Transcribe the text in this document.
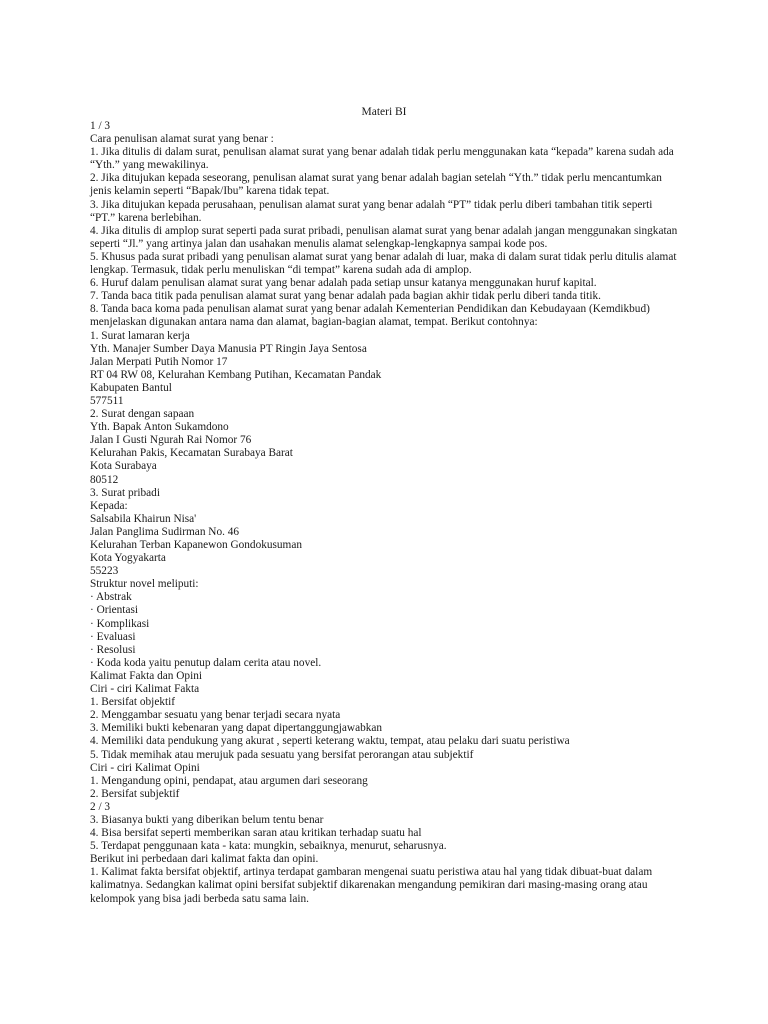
Materi BI
1 / 3
Cara penulisan alamat surat yang benar :
1. Jika ditulis di dalam surat, penulisan alamat surat yang benar adalah tidak perlu menggunakan kata “kepada” karena sudah ada
“Yth.” yang mewakilinya.
2. Jika ditujukan kepada seseorang, penulisan alamat surat yang benar adalah bagian setelah “Yth.” tidak perlu mencantumkan
jenis kelamin seperti “Bapak/Ibu” karena tidak tepat.
3. Jika ditujukan kepada perusahaan, penulisan alamat surat yang benar adalah “PT” tidak perlu diberi tambahan titik seperti
“PT.” karena berlebihan.
4. Jika ditulis di amplop surat seperti pada surat pribadi, penulisan alamat surat yang benar adalah jangan menggunakan singkatan
seperti “Jl.” yang artinya jalan dan usahakan menulis alamat selengkap-lengkapnya sampai kode pos.
5. Khusus pada surat pribadi yang penulisan alamat surat yang benar adalah di luar, maka di dalam surat tidak perlu ditulis alamat
lengkap. Termasuk, tidak perlu menuliskan “di tempat” karena sudah ada di amplop.
6. Huruf dalam penulisan alamat surat yang benar adalah pada setiap unsur katanya menggunakan huruf kapital.
7. Tanda baca titik pada penulisan alamat surat yang benar adalah pada bagian akhir tidak perlu diberi tanda titik.
8. Tanda baca koma pada penulisan alamat surat yang benar adalah Kementerian Pendidikan dan Kebudayaan (Kemdikbud)
menjelaskan digunakan antara nama dan alamat, bagian-bagian alamat, tempat. Berikut contohnya:
1. Surat lamaran kerja
Yth. Manajer Sumber Daya Manusia PT Ringin Jaya Sentosa
Jalan Merpati Putih Nomor 17
RT 04 RW 08, Kelurahan Kembang Putihan, Kecamatan Pandak
Kabupaten Bantul
577511
2. Surat dengan sapaan
Yth. Bapak Anton Sukamdono
Jalan I Gusti Ngurah Rai Nomor 76
Kelurahan Pakis, Kecamatan Surabaya Barat
Kota Surabaya
80512
3. Surat pribadi
Kepada:
Salsabila Khairun Nisa'
Jalan Panglima Sudirman No. 46
Kelurahan Terban Kapanewon Gondokusuman
Kota Yogyakarta
55223
Struktur novel meliputi:
· Abstrak
· Orientasi
· Komplikasi
· Evaluasi
· Resolusi
· Koda koda yaitu penutup dalam cerita atau novel.
Kalimat Fakta dan Opini
Ciri - ciri Kalimat Fakta
1. Bersifat objektif
2. Menggambar sesuatu yang benar terjadi secara nyata
3. Memiliki bukti kebenaran yang dapat dipertanggungjawabkan
4. Memiliki data pendukung yang akurat , seperti keterang waktu, tempat, atau pelaku dari suatu peristiwa
5. Tidak memihak atau merujuk pada sesuatu yang bersifat perorangan atau subjektif
Ciri - ciri Kalimat Opini
1. Mengandung opini, pendapat, atau argumen dari seseorang
2. Bersifat subjektif
2 / 3
3. Biasanya bukti yang diberikan belum tentu benar
4. Bisa bersifat seperti memberikan saran atau kritikan terhadap suatu hal
5. Terdapat penggunaan kata - kata: mungkin, sebaiknya, menurut, seharusnya.
Berikut ini perbedaan dari kalimat fakta dan opini.
1. Kalimat fakta bersifat objektif, artinya terdapat gambaran mengenai suatu peristiwa atau hal yang tidak dibuat-buat dalam
kalimatnya. Sedangkan kalimat opini bersifat subjektif dikarenakan mengandung pemikiran dari masing-masing orang atau
kelompok yang bisa jadi berbeda satu sama lain.
